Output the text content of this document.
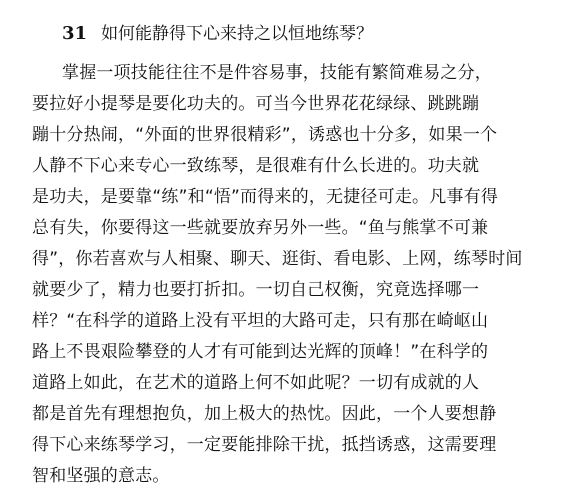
31 如何能静得下心来持之以恒地练琴？
掌握一项技能往往不是件容易事，技能有繁简难易之分，
要拉好小提琴是要化功夫的。可当今世界花花绿绿、跳跳蹦
蹦十分热闹，“外面的世界很精彩”，诱惑也十分多，如果一个
人静不下心来专心一致练琴，是很难有什么长进的。功夫就
是功夫，是要靠“练”和“悟”而得来的，无捷径可走。凡事有得
总有失，你要得这一些就要放弃另外一些。“鱼与熊掌不可兼
得”，你若喜欢与人相聚、聊天、逛街、看电影、上网，练琴时间
就要少了，精力也要打折扣。一切自己权衡，究竟选择哪一
样？“在科学的道路上没有平坦的大路可走，只有那在崎岖山
路上不畏艰险攀登的人才有可能到达光辉的顶峰！”在科学的
道路上如此，在艺术的道路上何不如此呢？一切有成就的人
都是首先有理想抱负，加上极大的热忱。因此，一个人要想静
得下心来练琴学习，一定要能排除干扰，抵挡诱惑，这需要理
智和坚强的意志。
